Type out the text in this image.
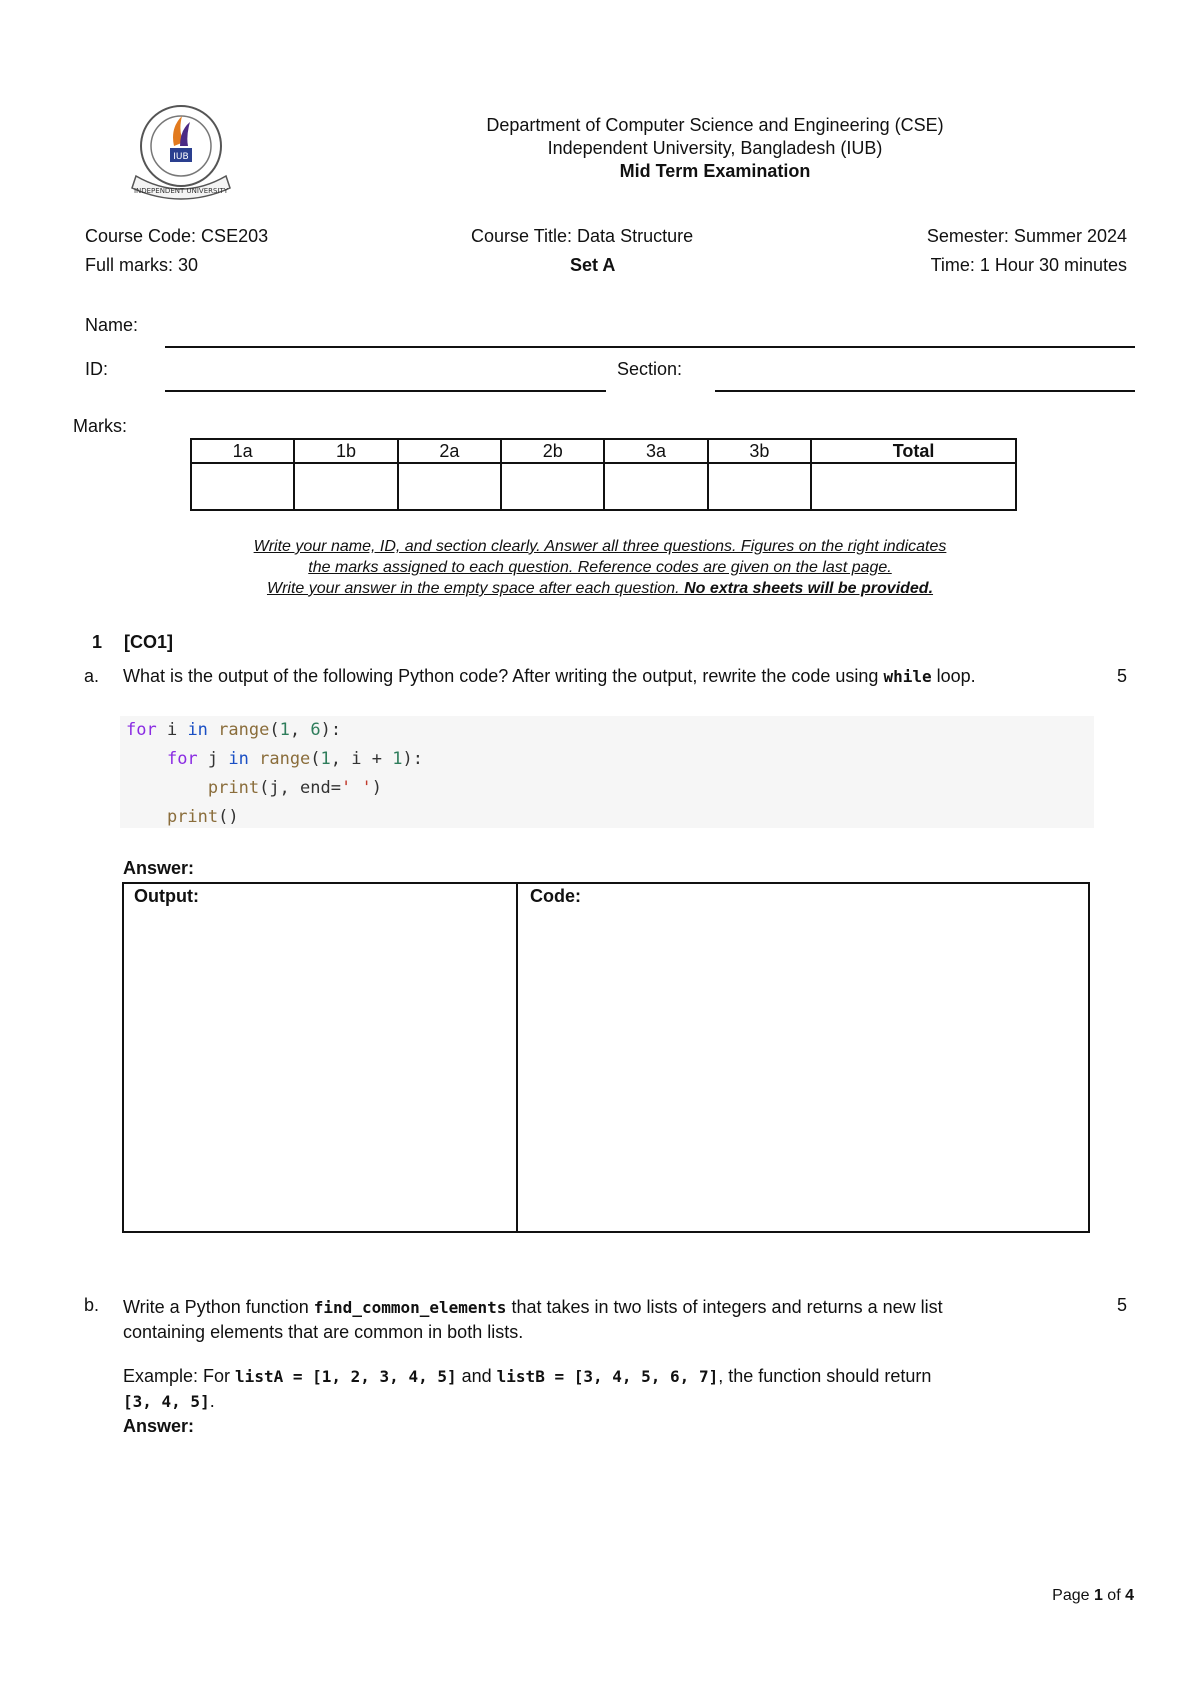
IUB
INDEPENDENT UNIVERSITY
Department of Computer Science and Engineering (CSE)
Independent University, Bangladesh (IUB)
Mid Term Examination
Course Code: CSE203	Course Title: Data Structure	Semester: Summer 2024
Full marks: 30	Set A	Time: 1 Hour 30 minutes
Name:
ID:	Section:
Marks:
1a	1b	2a	2b	3a	3b	Total

Write your name, ID, and section clearly. Answer all three questions. Figures on the right indicates
the marks assigned to each question. Reference codes are given on the last page.
Write your answer in the empty space after each question. No extra sheets will be provided.
1 [CO1]
a. What is the output of the following Python code? After writing the output, rewrite the code using while loop.	5
for i in range(1, 6):
for j in range(1, i + 1):
print(j, end=' ')
print()
Answer:
Output:	Code:
b. Write a Python function find_common_elements that takes in two lists of integers and returns a new list
containing elements that are common in both lists.
5
Example: For listA = [1, 2, 3, 4, 5] and listB = [3, 4, 5, 6, 7], the function should return
[3, 4, 5].
Answer:
Page 1 of 4
